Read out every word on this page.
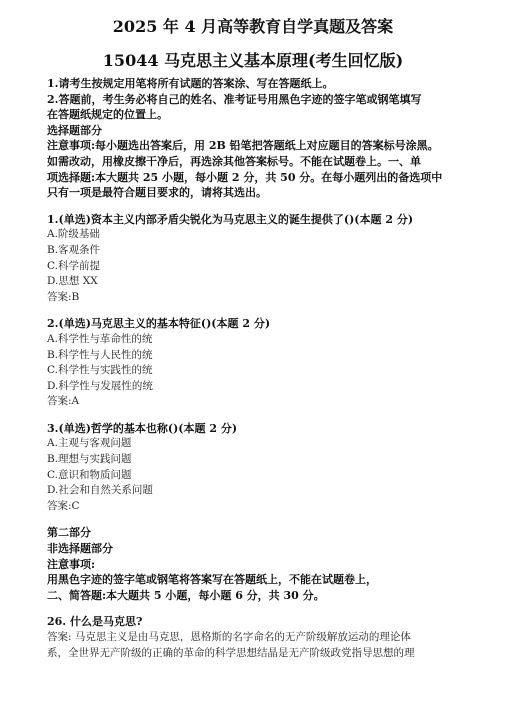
2025 年 4 月高等教育自学真题及答案
15044 马克思主义基本原理(考生回忆版)
1.请考生按规定用笔将所有试题的答案涂、写在答题纸上。
2.答题前，考生务必将自己的姓名、准考证号用黑色字迹的签字笔或钢笔填写
在答题纸规定的位置上。
选择题部分
注意事项:每小题选出答案后，用 2B 铅笔把答题纸上对应题目的答案标号涂黑。
如需改动，用橡皮擦干净后，再选涂其他答案标号。不能在试题卷上。一、单
项选择题:本大题共 25 小题，每小题 2 分，共 50 分。在每小题列出的备选项中
只有一项是最符合题目要求的，请将其选出。
1.(单选)资本主义内部矛盾尖锐化为马克思主义的诞生提供了()(本题 2 分)
A.阶级基础
B.客观条件
C.科学前提
D.思想 XX
答案:B
2.(单选)马克思主义的基本特征()(本题 2 分)
A.科学性与革命性的统
B.科学性与人民性的统
C.科学性与实践性的统
D.科学性与发展性的统
答案:A
3.(单选)哲学的基本也称()(本题 2 分)
A.主观与客观问题
B.理想与实践问题
C.意识和物质问题
D.社会和自然关系问题
答案:C
第二部分
非选择题部分
注意事项:
用黑色字迹的签字笔或钢笔将答案写在答题纸上，不能在试题卷上，
二、简答题:本大题共 5 小题，每小题 6 分，共 30 分。
26. 什么是马克思?
答案: 马克思主义是由马克思，恩格斯的名字命名的无产阶级解放运动的理论体
系，全世界无产阶级的正确的革命的科学思想结晶是无产阶级政党指导思想的理
